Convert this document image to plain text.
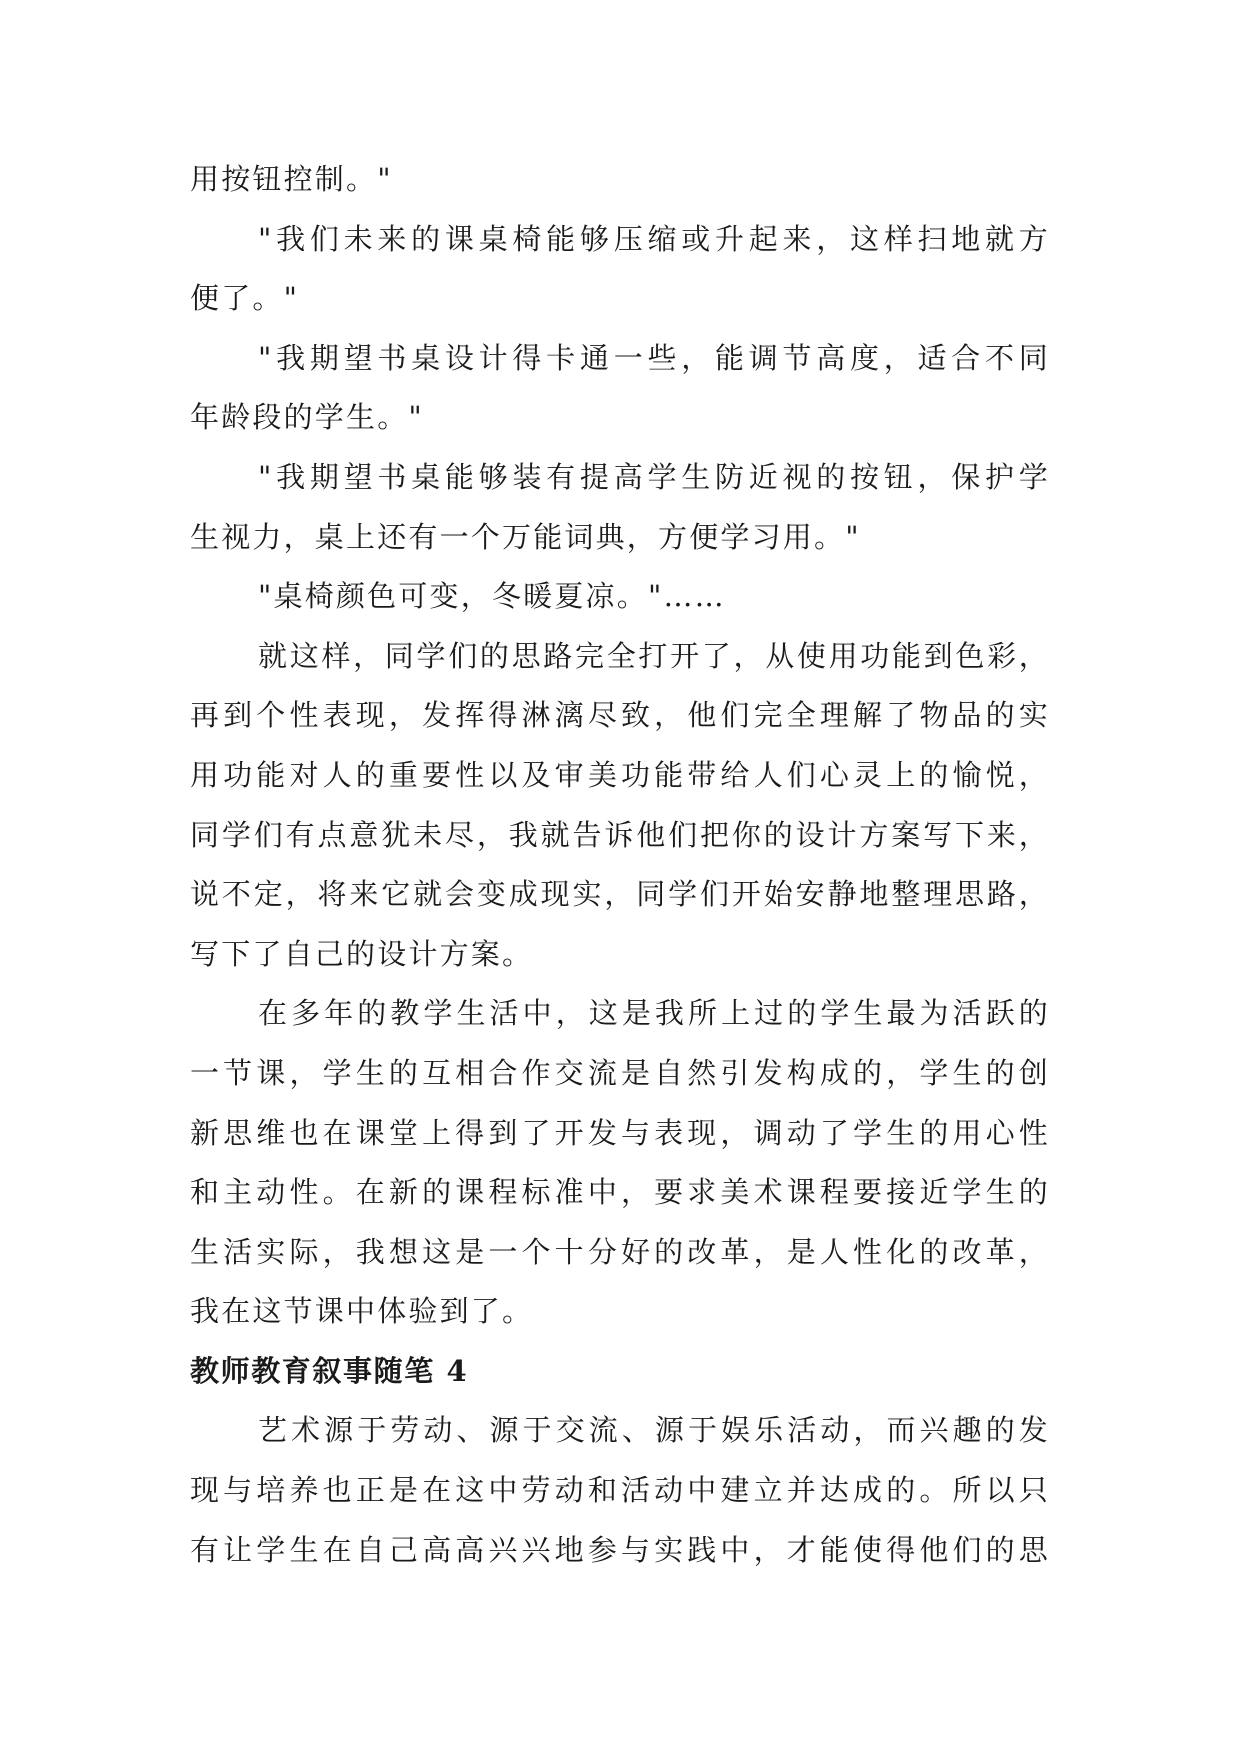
用按钮控制。"

"我们未来的课桌椅能够压缩或升起来，这样扫地就方

便了。"

"我期望书桌设计得卡通一些，能调节高度，适合不同

年龄段的学生。"

"我期望书桌能够装有提高学生防近视的按钮，保护学

生视力，桌上还有一个万能词典，方便学习用。"

"桌椅颜色可变，冬暖夏凉。"……

就这样，同学们的思路完全打开了，从使用功能到色彩，

再到个性表现，发挥得淋漓尽致，他们完全理解了物品的实

用功能对人的重要性以及审美功能带给人们心灵上的愉悦，

同学们有点意犹未尽，我就告诉他们把你的设计方案写下来，

说不定，将来它就会变成现实，同学们开始安静地整理思路，

写下了自己的设计方案。

在多年的教学生活中，这是我所上过的学生最为活跃的

一节课，学生的互相合作交流是自然引发构成的，学生的创

新思维也在课堂上得到了开发与表现，调动了学生的用心性

和主动性。在新的课程标准中，要求美术课程要接近学生的

生活实际，我想这是一个十分好的改革，是人性化的改革，

我在这节课中体验到了。

教师教育叙事随笔 4

艺术源于劳动、源于交流、源于娱乐活动，而兴趣的发

现与培养也正是在这中劳动和活动中建立并达成的。所以只

有让学生在自己高高兴兴地参与实践中，才能使得他们的思
